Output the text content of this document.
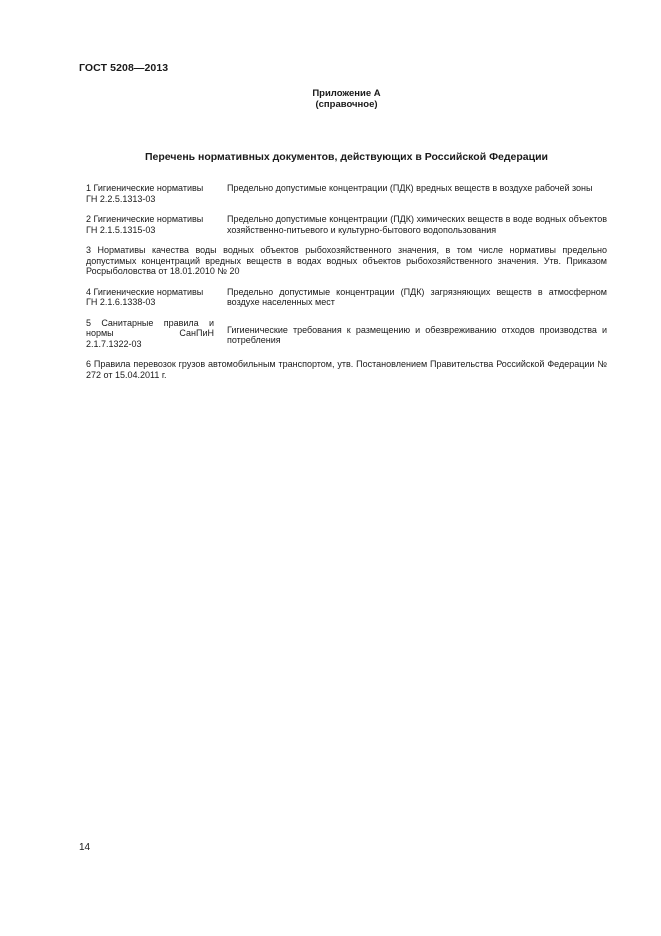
ГОСТ 5208—2013
Приложение А
(справочное)
Перечень нормативных документов, действующих в Российской Федерации
1 Гигиенические нормативы ГН 2.2.5.1313-03
Предельно допустимые концентрации (ПДК) вредных веществ в воздухе рабочей зоны
2 Гигиенические нормативы ГН 2.1.5.1315-03
Предельно допустимые концентрации (ПДК) химических веществ в воде водных объектов хозяйственно-питьевого и культурно-бытового водопользования
3 Нормативы качества воды водных объектов рыбохозяйственного значения, в том числе нормативы предельно допустимых концентраций вредных веществ в водах водных объектов рыбохозяйственного значения. Утв. Приказом Росрыболовства от 18.01.2010 № 20
4 Гигиенические нормативы ГН 2.1.6.1338-03
Предельно допустимые концентрации (ПДК) загрязняющих веществ в атмосферном воздухе населенных мест
5 Санитарные правила и нормы СанПиН
2.1.7.1322-03
Гигиенические требования к размещению и обезвреживанию отходов производства и потребления
6 Правила перевозок грузов автомобильным транспортом, утв. Постановлением Правительства Российской Федерации № 272 от 15.04.2011 г.
14
